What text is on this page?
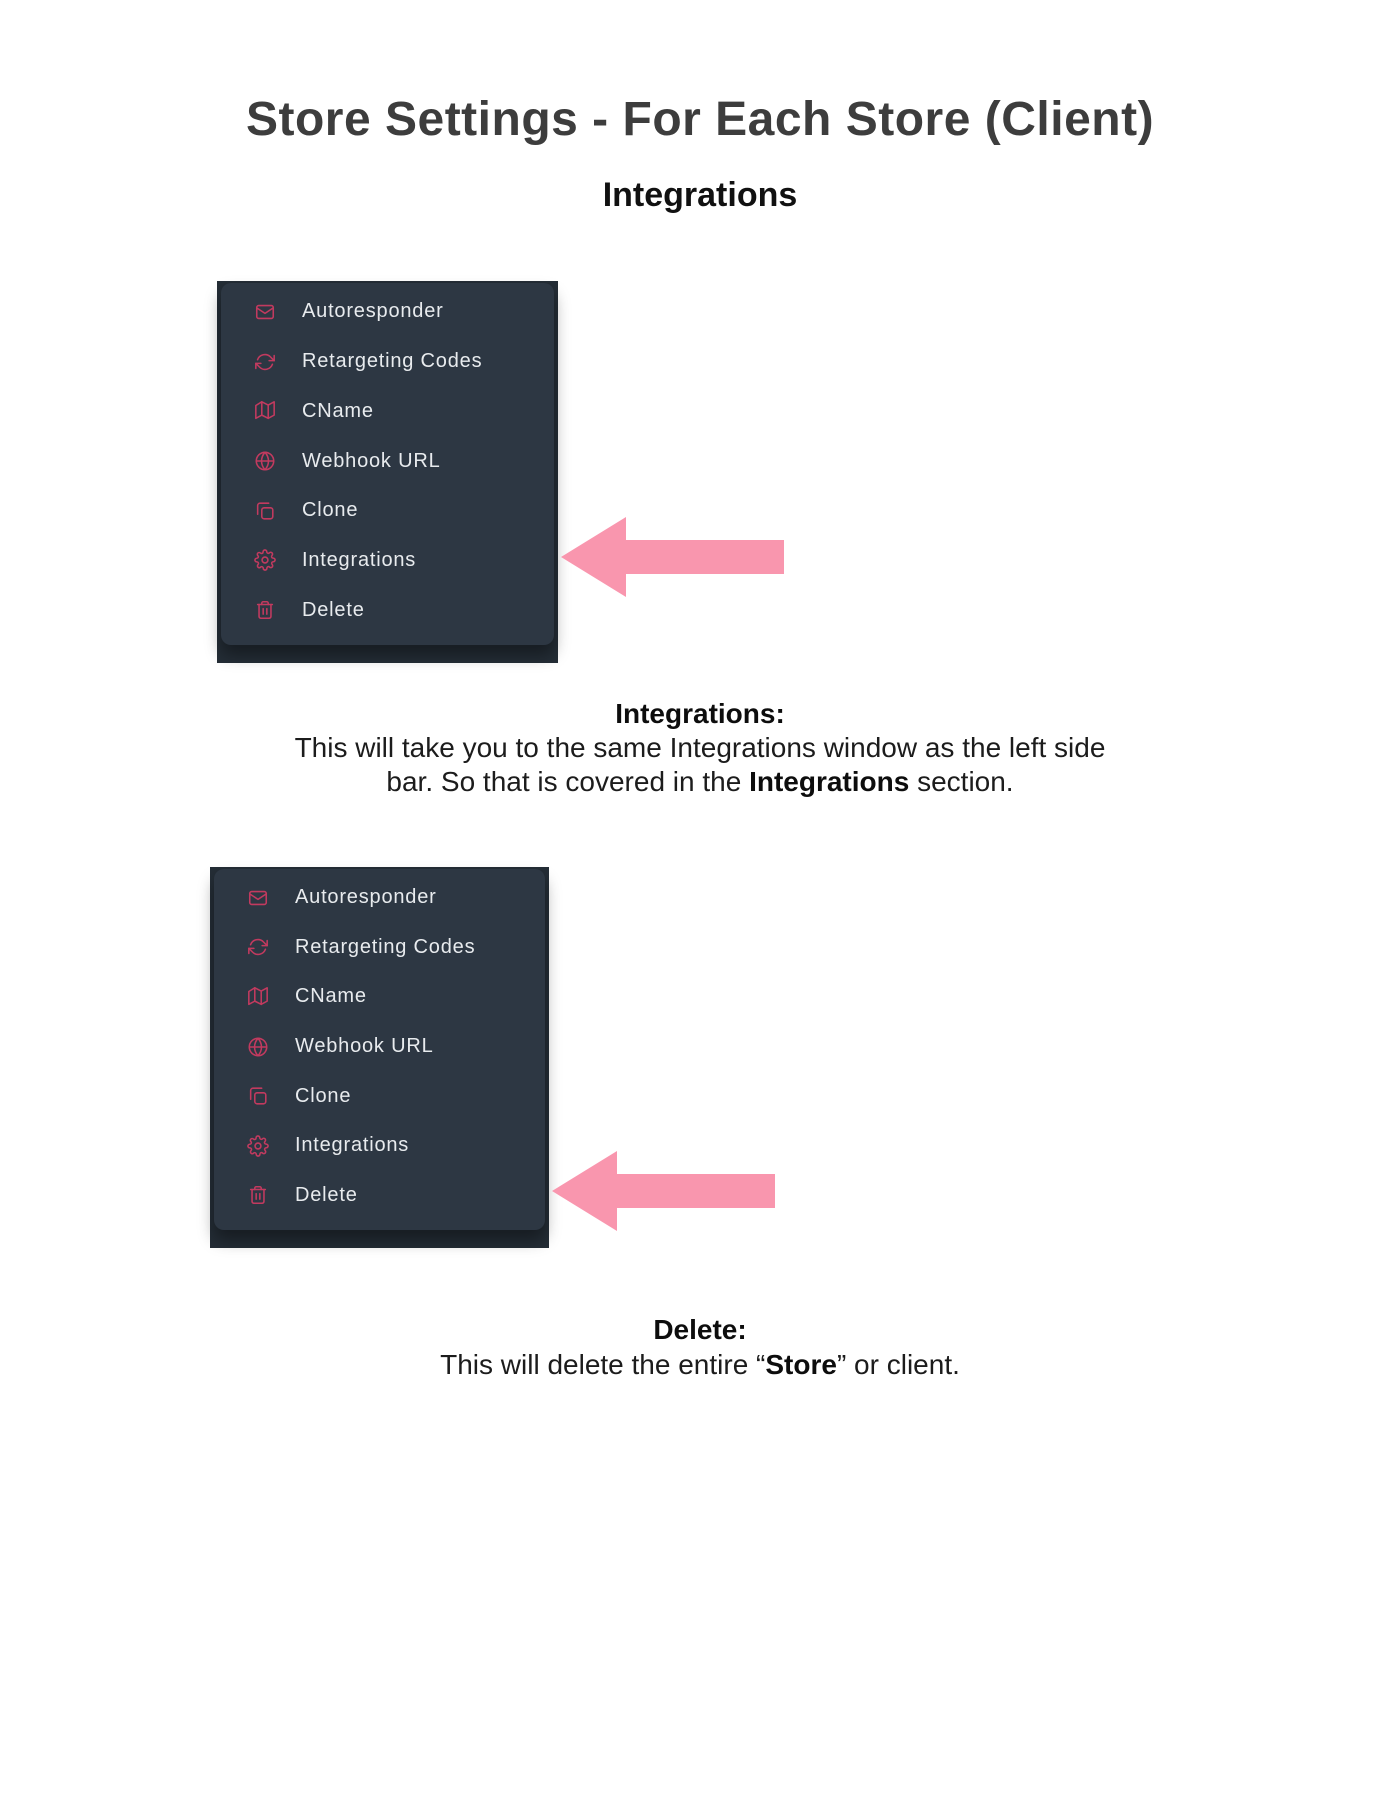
Store Settings - For Each Store (Client)
Integrations
Autoresponder
Retargeting Codes
CName
Webhook URL
Clone
Integrations
Delete
Integrations:
This will take you to the same Integrations window as the left side
bar. So that is covered in the Integrations section.
Autoresponder
Retargeting Codes
CName
Webhook URL
Clone
Integrations
Delete
Delete:
This will delete the entire “Store” or client.
